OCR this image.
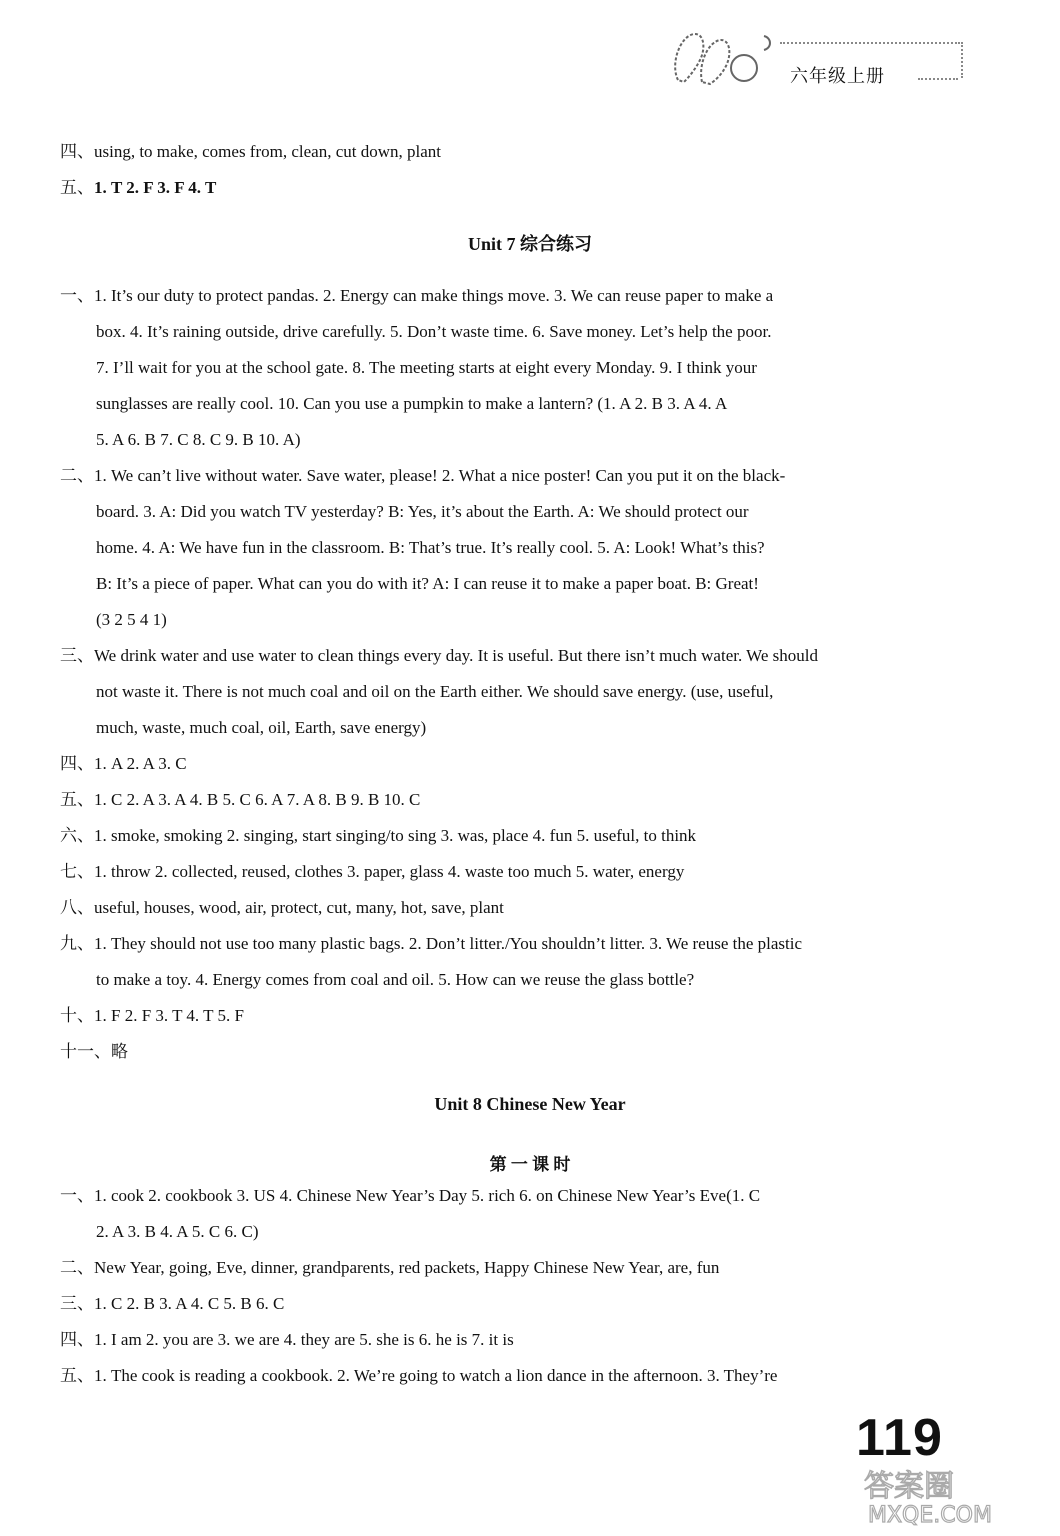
六年级上册
四、using, to make, comes from, clean, cut down, plant
五、1. T 2. F 3. F 4. T
Unit 7 综合练习
一、1. It’s our duty to protect pandas. 2. Energy can make things move. 3. We can reuse paper to make a
box. 4. It’s raining outside, drive carefully. 5. Don’t waste time. 6. Save money. Let’s help the poor.
7. I’ll wait for you at the school gate. 8. The meeting starts at eight every Monday. 9. I think your
sunglasses are really cool. 10. Can you use a pumpkin to make a lantern? (1. A 2. B 3. A 4. A
5. A 6. B 7. C 8. C 9. B 10. A)
二、1. We can’t live without water. Save water, please! 2. What a nice poster! Can you put it on the black-
board. 3. A: Did you watch TV yesterday? B: Yes, it’s about the Earth. A: We should protect our
home. 4. A: We have fun in the classroom. B: That’s true. It’s really cool. 5. A: Look! What’s this?
B: It’s a piece of paper. What can you do with it? A: I can reuse it to make a paper boat. B: Great!
(3 2 5 4 1)
三、We drink water and use water to clean things every day. It is useful. But there isn’t much water. We should
not waste it. There is not much coal and oil on the Earth either. We should save energy. (use, useful,
much, waste, much coal, oil, Earth, save energy)
四、1. A 2. A 3. C
五、1. C 2. A 3. A 4. B 5. C 6. A 7. A 8. B 9. B 10. C
六、1. smoke, smoking 2. singing, start singing/to sing 3. was, place 4. fun 5. useful, to think
七、1. throw 2. collected, reused, clothes 3. paper, glass 4. waste too much 5. water, energy
八、useful, houses, wood, air, protect, cut, many, hot, save, plant
九、1. They should not use too many plastic bags. 2. Don’t litter./You shouldn’t litter. 3. We reuse the plastic
to make a toy. 4. Energy comes from coal and oil. 5. How can we reuse the glass bottle?
十、1. F 2. F 3. T 4. T 5. F
十一、略
Unit 8 Chinese New Year
第 一 课 时
一、1. cook 2. cookbook 3. US 4. Chinese New Year’s Day 5. rich 6. on Chinese New Year’s Eve(1. C
2. A 3. B 4. A 5. C 6. C)
二、New Year, going, Eve, dinner, grandparents, red packets, Happy Chinese New Year, are, fun
三、1. C 2. B 3. A 4. C 5. B 6. C
四、1. I am 2. you are 3. we are 4. they are 5. she is 6. he is 7. it is
五、1. The cook is reading a cookbook. 2. We’re going to watch a lion dance in the afternoon. 3. They’re
119
答案圈
MXQE.COM
